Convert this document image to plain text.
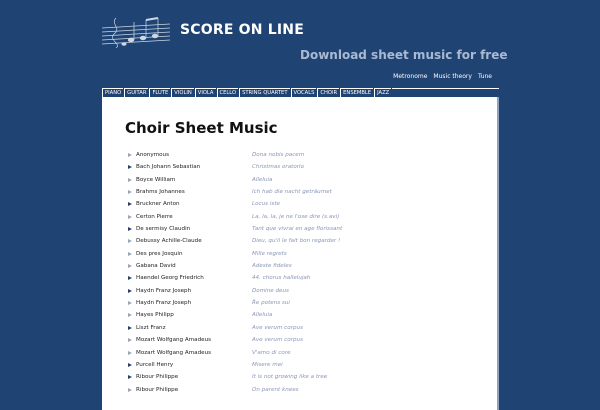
SCORE ON LINE
Download sheet music for free
Metronome Music theory Tune
PIANO	GUITAR	FLUTE	VIOLIN	VIOLA	CELLO	STRING QUARTET	VOCALS	CHOIR	ENSEMBLE	JAZZ
Choir Sheet Music
Anonymous	Dona nobis pacem
Bach Johann Sebastian	Christmas oratorio
Boyce William	Alleluia
Brahms Johannes	Ich hab die nacht geträumet
Bruckner Anton	Locus iste
Certon Pierre	La, la, la, je ne l'ose dire (s.avi)
De sermisy Claudin	Tant que vivrai en age florissant
Debussy Achille-Claude	Dieu, qu'il le fait bon regarder !
Des pres Josquin	Mille regrets
Gabana David	Adeste fideles
Haendel Georg Friedrich	44. chorus hallelujah
Haydn Franz Joseph	Domine deus
Haydn Franz Joseph	Ře potens sui
Hayes Philipp	Alleluia
Liszt Franz	Ave verum corpus
Mozart Wolfgang Amadeus	Ave verum corpus
Mozart Wolfgang Amadeus	V'amo di core
Purcell Henry	Misere mei
Ribour Philippe	It is not growing like a tree
Ribour Philippe	On parent knees
